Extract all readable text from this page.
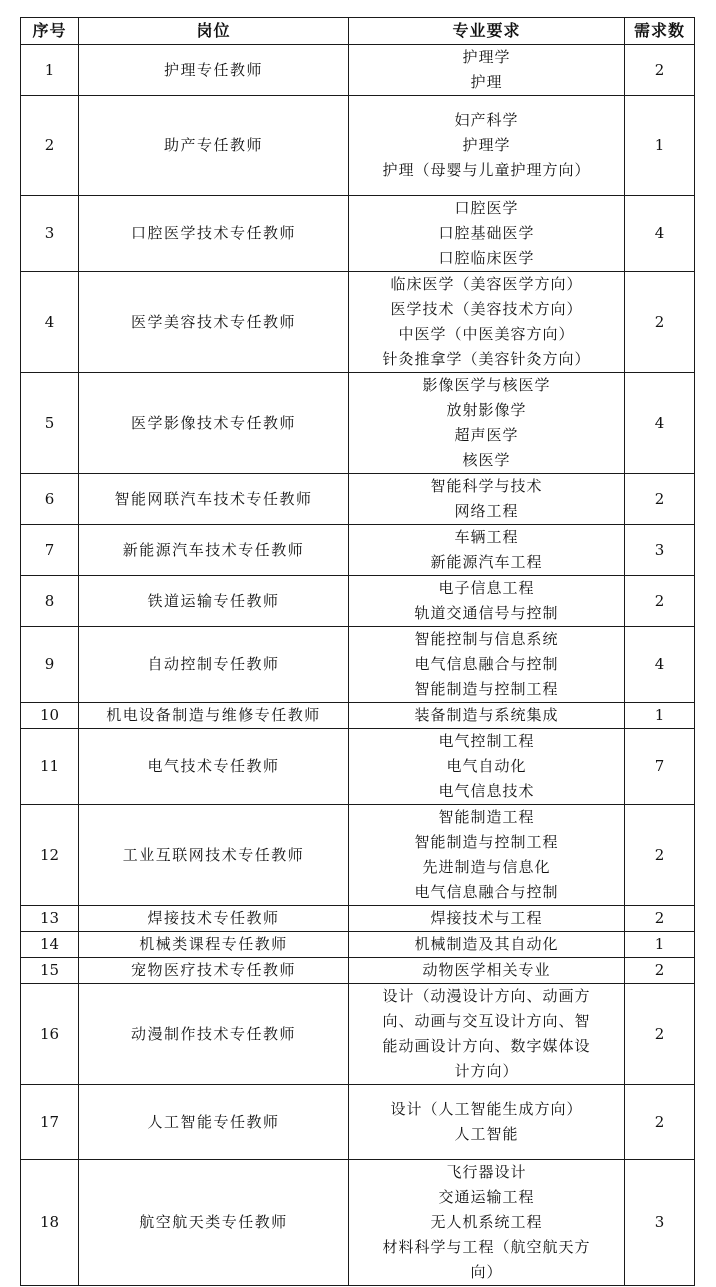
序号	岗位	专业要求	需求数
1	护理专任教师	护理学
护理	2
2	助产专任教师	妇产科学
护理学
护理（母婴与儿童护理方向）	1
3	口腔医学技术专任教师	口腔医学
口腔基础医学
口腔临床医学	4
4	医学美容技术专任教师	临床医学（美容医学方向）
医学技术（美容技术方向）
中医学（中医美容方向）
针灸推拿学（美容针灸方向）	2
5	医学影像技术专任教师	影像医学与核医学
放射影像学
超声医学
核医学	4
6	智能网联汽车技术专任教师	智能科学与技术
网络工程	2
7	新能源汽车技术专任教师	车辆工程
新能源汽车工程	3
8	铁道运输专任教师	电子信息工程
轨道交通信号与控制	2
9	自动控制专任教师	智能控制与信息系统
电气信息融合与控制
智能制造与控制工程	4
10	机电设备制造与维修专任教师	装备制造与系统集成	1
11	电气技术专任教师	电气控制工程
电气自动化
电气信息技术	7
12	工业互联网技术专任教师	智能制造工程
智能制造与控制工程
先进制造与信息化
电气信息融合与控制	2
13	焊接技术专任教师	焊接技术与工程	2
14	机械类课程专任教师	机械制造及其自动化	1
15	宠物医疗技术专任教师	动物医学相关专业	2
16	动漫制作技术专任教师	设计（动漫设计方向、动画方
向、动画与交互设计方向、智
能动画设计方向、数字媒体设
计方向）	2
17	人工智能专任教师	设计（人工智能生成方向）
人工智能	2
18	航空航天类专任教师	飞行器设计
交通运输工程
无人机系统工程
材料科学与工程（航空航天方
向）	3
